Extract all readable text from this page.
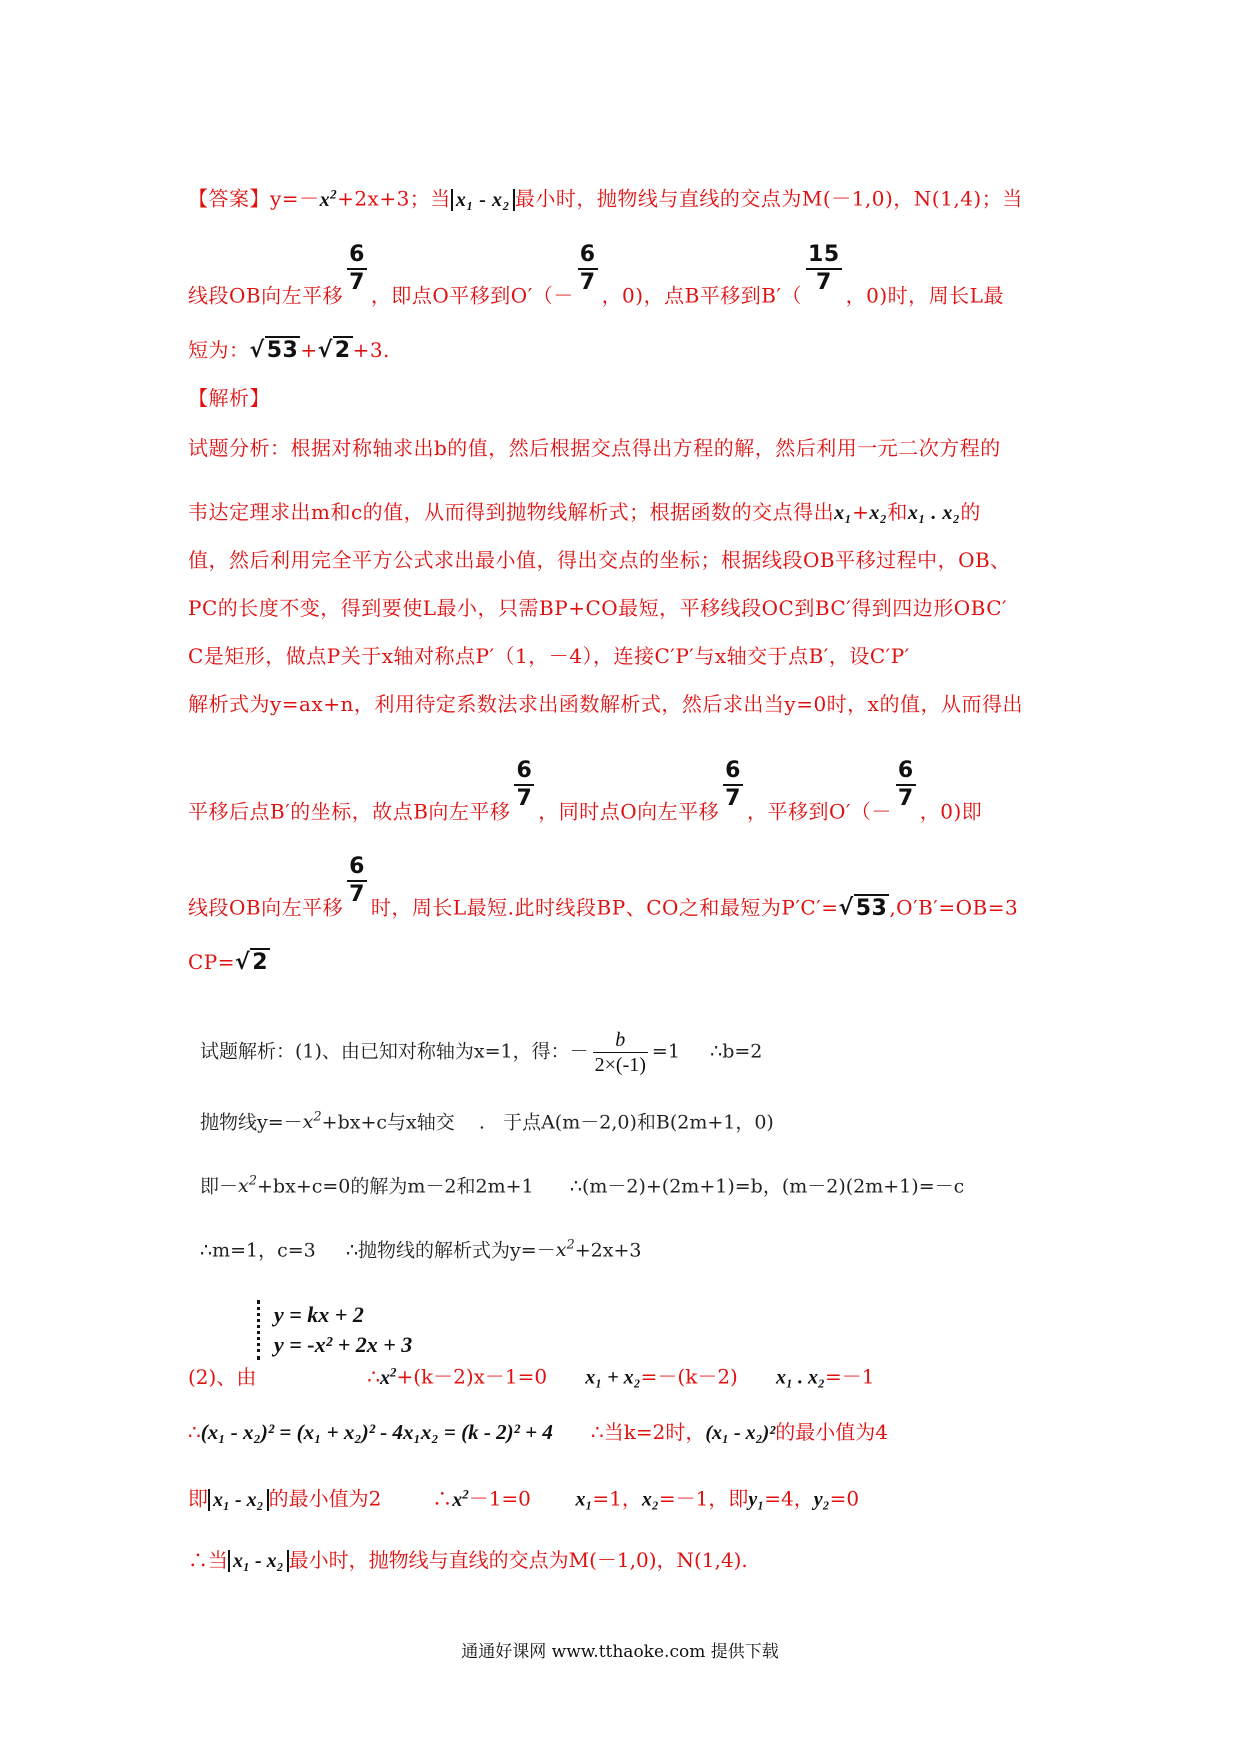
【答案】$y=-x^2+2x+3$；当 x₁ - x₂ 最小时，抛物线与直线的交点为M(－1,0)，N(1,4)；当
线段OB向左平移 $\frac{6}{7}$ ，即点O平移到$O'(- \frac{6}{7}$ ，0)，点B平移到$B'( \frac{15}{7}$ ，0)时，周长L最
短为：√53 +√2 +3.
【解析】
试题分析：根据对称轴求出b的值，然后根据交点得出方程的解，然后利用一元二次方程的
韦达定理求出m和c的值，从而得到抛物线解析式；根据函数的交点得出x₁+x₂和x₁ . x₂的
值，然后利用完全平方公式求出最小值，得出交点的坐标；根据线段OB平移过程中，OB、
PC的长度不变，得到要使L最小，只需BP+CO最短，平移线段OC到BC′得到四边形OBC′
C是矩形，做点P关于x轴对称点P′（1，－4），连接C′P′与x轴交于点B′，设C′P′
解析式为y=ax+n，利用待定系数法求出函数解析式，然后求出当y=0时，x的值，从而得出
平移后点B′的坐标，故点B向左平移 $\frac{6}{7}$ ，同时点O向左平移 $\frac{6}{7}$ ，平移到$O'(- \frac{6}{7}$ ，0)即
线段OB向左平移 $\frac{6}{7}$ 时，周长L最短.此时线段BP、CO之和最短为P′C′=√53 ,O′B′=OB=3
CP=√2
试题解析：(1)、由已知对称轴为x=1，得：－ $\frac{b}{2\times(-1)} =1$ ∴b=2
抛物线$y=-x^2+bx+c$与x轴交 . 于点A(m－2,0)和B(2m+1，0)
即$-x^2+bx+c=0$的解为m－2和2m+1 ∴(m－2)+(2m+1)=b，(m－2)(2m+1)=－c
∴m=1，c=3 ∴抛物线的解析式为$y=-x^2+2x+3$
y = kx + 2
y = -x² + 2x + 3
(2)、由	$\therefore x^2+(k-2)x-1=0$ x₁ + x₂=－(k－2) x₁ . x₂=－1
∴(x₁ - x₂)² = (x₁ + x₂)² - 4x₁x₂ = (k - 2)² + 4 ∴当k=2时，(x₁ - x₂)²的最小值为4
即 x₁ - x₂ 的最小值为2	$\therefore x^2-1=0$ x₁=1，x₂=－1，即y₁=4，y₂=0
∴当 x₁ - x₂ 最小时，抛物线与直线的交点为M(－1,0)，N(1,4).
通通好课网 www.tthaoke.com 提供下载
